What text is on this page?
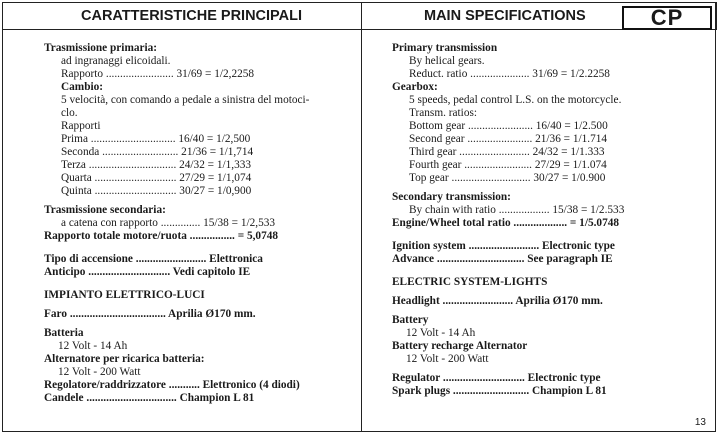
CARATTERISTICHE PRINCIPALI	MAIN SPECIFICATIONS	CP
Trasmissione primaria:
ad ingranaggi elicoidali.
Rapporto ........................ 31/69 = 1/2,2258
Cambio:
5 velocità, con comando a pedale a sinistra del motoci-
clo.
Rapporti
Prima .............................. 16/40 = 1/2,500
Seconda ........................... 21/36 = 1/1,714
Terza ............................... 24/32 = 1/1,333
Quarta ............................. 27/29 = 1/1,074
Quinta ............................. 30/27 = 1/0,900
Trasmissione secondaria:
a catena con rapporto .............. 15/38 = 1/2,533
Rapporto totale motore/ruota ................ = 5,0748
Tipo di accensione ......................... Elettronica
Anticipo ............................. Vedi capitolo IE
IMPIANTO ELETTRICO-LUCI
Faro .................................. Aprilia Ø170 mm.
Batteria
12 Volt - 14 Ah
Alternatore per ricarica batteria:
12 Volt - 200 Watt
Regolatore/raddrizzatore ........... Elettronico (4 diodi)
Candele ................................ Champion L 81
Primary transmission
By helical gears.
Reduct. ratio ..................... 31/69 = 1/2.2258
Gearbox:
5 speeds, pedal control L.S. on the motorcycle.
Transm. ratios:
Bottom gear ....................... 16/40 = 1/2.500
Second gear ....................... 21/36 = 1/1.714
Third gear ......................... 24/32 = 1/1.333
Fourth gear ........................ 27/29 = 1/1.074
Top gear ............................ 30/27 = 1/0.900
Secondary transmission:
By chain with ratio .................. 15/38 = 1/2.533
Engine/Wheel total ratio ................... = 1/5.0748
Ignition system ......................... Electronic type
Advance ............................... See paragraph IE
ELECTRIC SYSTEM-LIGHTS
Headlight ......................... Aprilia Ø170 mm.
Battery
12 Volt - 14 Ah
Battery recharge Alternator
12 Volt - 200 Watt
Regulator ............................. Electronic type
Spark plugs ........................... Champion L 81
13
